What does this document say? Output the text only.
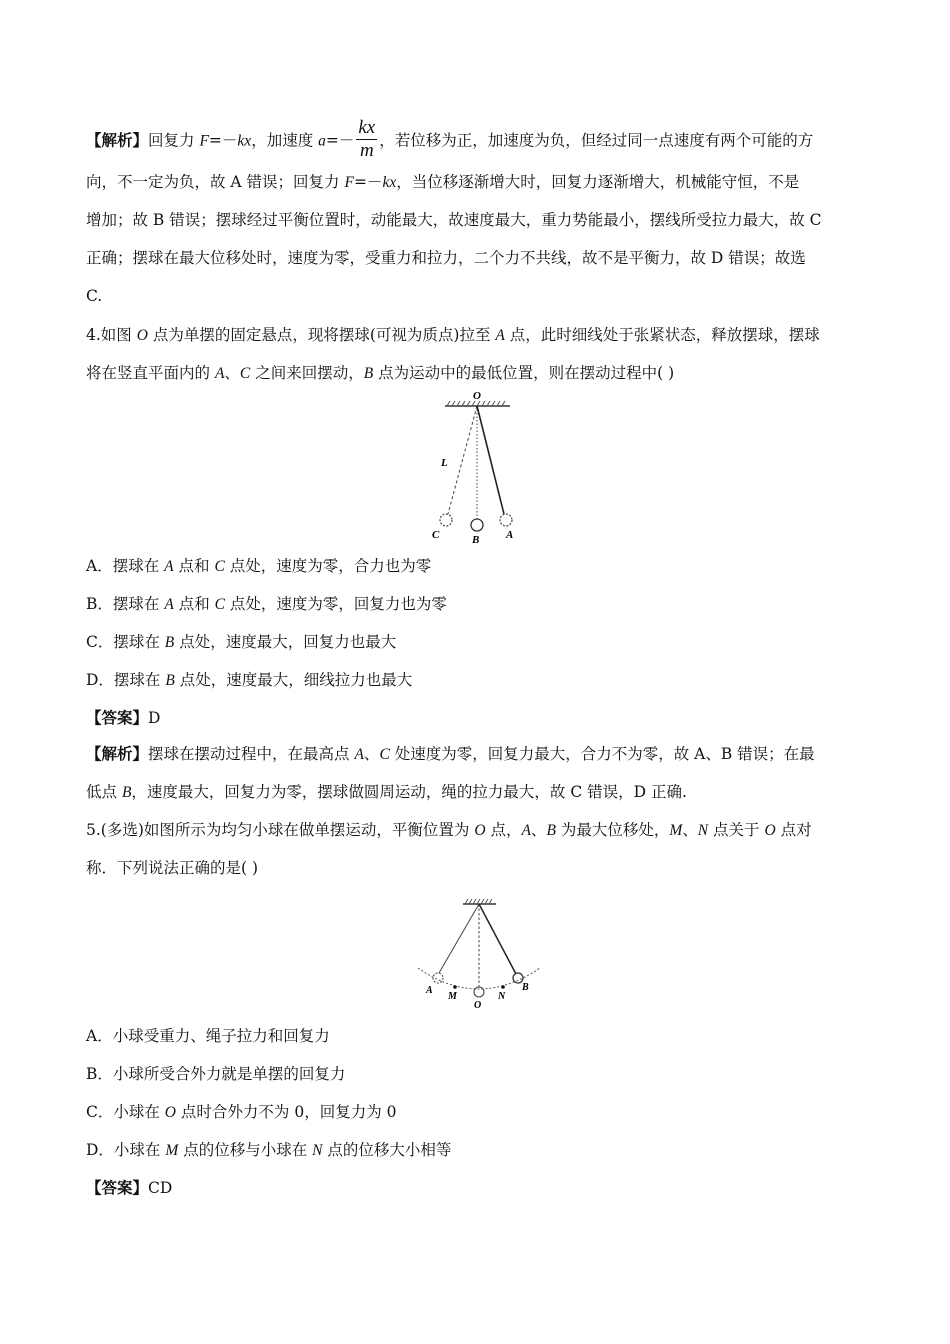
【解析】回复力 F=－kx，加速度 $a=- \frac{kx}{m}$ ，若位移为正，加速度为负，但经过同一点速度有两个可能的方
向，不一定为负，故 A 错误；回复力 F=－kx，当位移逐渐增大时，回复力逐渐增大，机械能守恒，不是
增加；故 B 错误；摆球经过平衡位置时，动能最大，故速度最大，重力势能最小，摆线所受拉力最大，故 C
正确；摆球在最大位移处时，速度为零，受重力和拉力，二个力不共线，故不是平衡力，故 D 错误；故选
C.
4.如图 O 点为单摆的固定悬点，现将摆球(可视为质点)拉至 A 点，此时细线处于张紧状态，释放摆球，摆球
将在竖直平面内的 A、C 之间来回摆动，B 点为运动中的最低位置，则在摆动过程中( )
O
L
C	B A
A．摆球在 A 点和 C 点处，速度为零，合力也为零
B．摆球在 A 点和 C 点处，速度为零，回复力也为零
C．摆球在 B 点处，速度最大，回复力也最大
D．摆球在 B 点处，速度最大，细线拉力也最大
【答案】D
【解析】摆球在摆动过程中，在最高点 A、C 处速度为零，回复力最大，合力不为零，故 A、B 错误；在最
低点 B，速度最大，回复力为零，摆球做圆周运动，绳的拉力最大，故 C 错误，D 正确.
5.(多选)如图所示为均匀小球在做单摆运动，平衡位置为 O 点，A、B 为最大位移处，M、N 点关于 O 点对
称．下列说法正确的是( )
A
M
O
N
B
A．小球受重力、绳子拉力和回复力
B．小球所受合外力就是单摆的回复力
C．小球在 O 点时合外力不为 0，回复力为 0
D．小球在 M 点的位移与小球在 N 点的位移大小相等
【答案】CD
